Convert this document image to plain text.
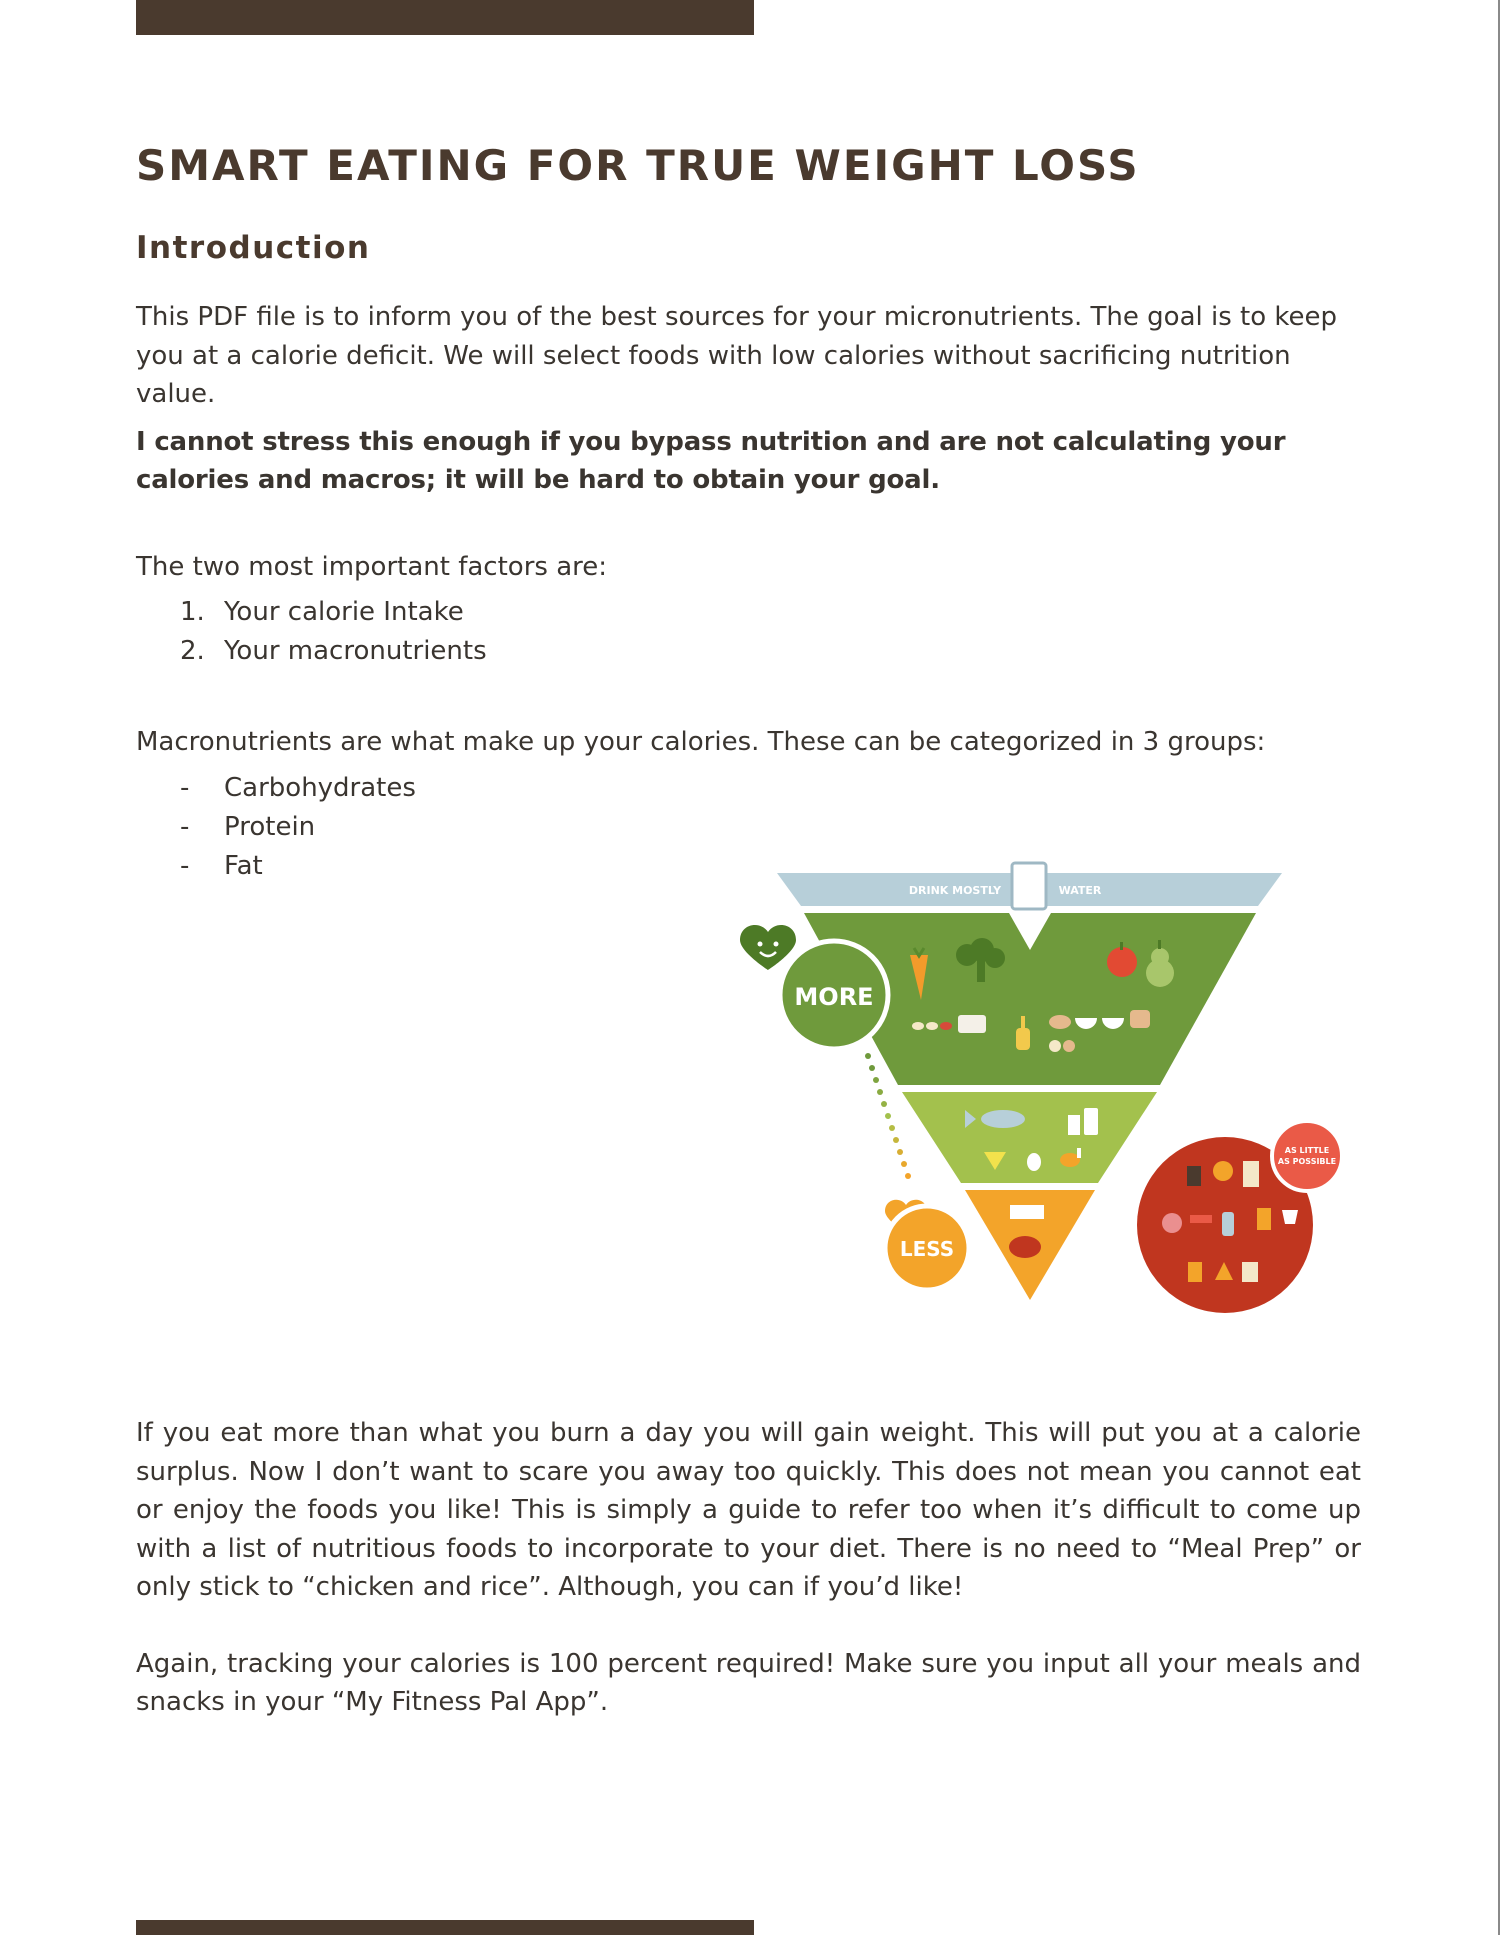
SMART EATING FOR TRUE WEIGHT LOSS
Introduction

This PDF file is to inform you of the best sources for your micronutrients. The goal is to keep you at a calorie deficit. We will select foods with low calories without sacrificing nutrition value.

I cannot stress this enough if you bypass nutrition and are not calculating your calories and macros; it will be hard to obtain your goal.

The two most important factors are:

1. Your calorie Intake
2. Your macronutrients

Macronutrients are what make up your calories. These can be categorized in 3 groups:

- Carbohydrates
- Protein
- Fat
DRINK MOSTLY	WATER
MORE
LESS
AS LITTLE
AS POSSIBLE

If you eat more than what you burn a day you will gain weight. This will put you at a calorie surplus. Now I don’t want to scare you away too quickly. This does not mean you cannot eat or enjoy the foods you like! This is simply a guide to refer too when it’s difficult to come up with a list of nutritious foods to incorporate to your diet. There is no need to “Meal Prep” or only stick to “chicken and rice”. Although, you can if you’d like!

Again, tracking your calories is 100 percent required! Make sure you input all your meals and snacks in your “My Fitness Pal App”.
